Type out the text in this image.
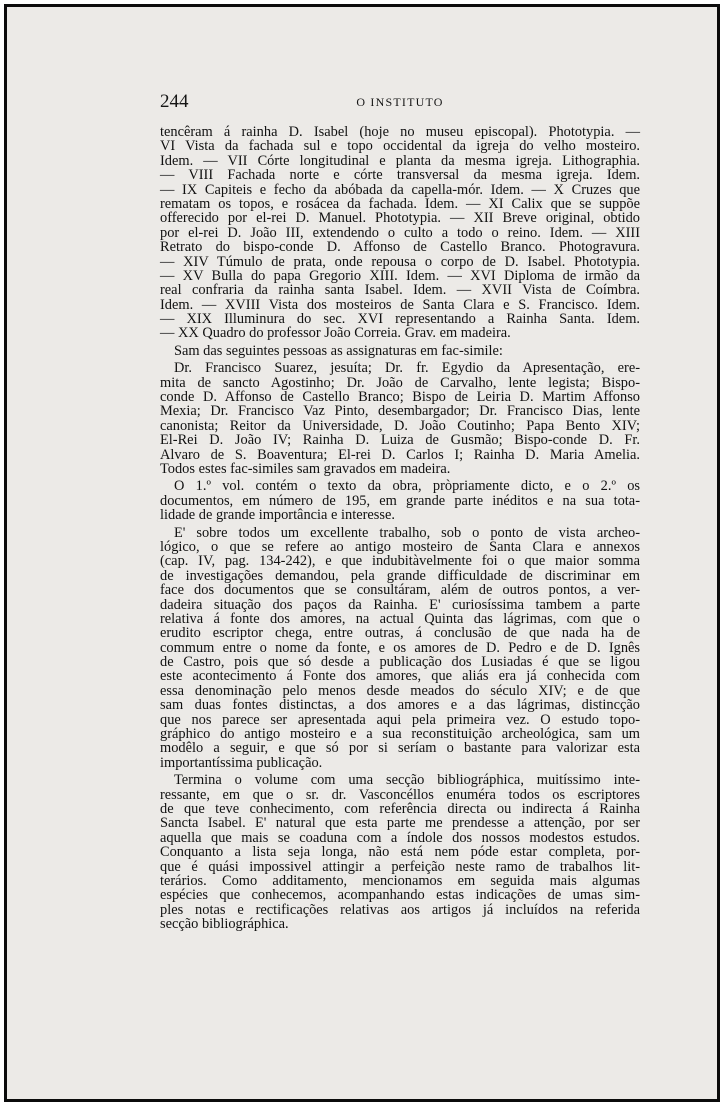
244	O INSTITUTO
tencêram á rainha D. Isabel (hoje no museu episcopal). Phototypia. —
VI Vista da fachada sul e topo occidental da igreja do velho mosteiro.
Idem. — VII Córte longitudinal e planta da mesma igreja. Lithographia.
— VIII Fachada norte e córte transversal da mesma igreja. Idem.
— IX Capiteis e fecho da abóbada da capella-mór. Idem. — X Cruzes que
rematam os topos, e rosácea da fachada. Idem. — XI Calix que se suppõe
offerecido por el-rei D. Manuel. Phototypia. — XII Breve original, obtido
por el-rei D. João III, extendendo o culto a todo o reino. Idem. — XIII
Retrato do bispo-conde D. Affonso de Castello Branco. Photogravura.
— XIV Túmulo de prata, onde repousa o corpo de D. Isabel. Phototypia.
— XV Bulla do papa Gregorio XIII. Idem. — XVI Diploma de irmão da
real confraria da rainha santa Isabel. Idem. — XVII Vista de Coímbra.
Idem. — XVIII Vista dos mosteiros de Santa Clara e S. Francisco. Idem.
— XIX Illuminura do sec. XVI representando a Rainha Santa. Idem.
— XX Quadro do professor João Correia. Grav. em madeira.
Sam das seguintes pessoas as assignaturas em fac-simile:
Dr. Francisco Suarez, jesuíta; Dr. fr. Egydio da Apresentação, ere-
mita de sancto Agostinho; Dr. João de Carvalho, lente legista; Bispo-
conde D. Affonso de Castello Branco; Bispo de Leiria D. Martim Affonso
Mexia; Dr. Francisco Vaz Pinto, desembargador; Dr. Francisco Dias, lente
canonista; Reitor da Universidade, D. João Coutinho; Papa Bento XIV;
El-Rei D. João IV; Rainha D. Luiza de Gusmão; Bispo-conde D. Fr.
Alvaro de S. Boaventura; El-rei D. Carlos I; Rainha D. Maria Amelia.
Todos estes fac-similes sam gravados em madeira.
O 1.º vol. contém o texto da obra, pròpriamente dicto, e o 2.º os
documentos, em número de 195, em grande parte inéditos e na sua tota-
lidade de grande importância e interesse.
E' sobre todos um excellente trabalho, sob o ponto de vista archeo-
lógico, o que se refere ao antigo mosteiro de Santa Clara e annexos
(cap. IV, pag. 134-242), e que indubitàvelmente foi o que maior somma
de investigações demandou, pela grande difficuldade de discriminar em
face dos documentos que se consultáram, além de outros pontos, a ver-
dadeira situação dos paços da Rainha. E' curiosíssima tambem a parte
relativa á fonte dos amores, na actual Quinta das lágrimas, com que o
erudito escriptor chega, entre outras, á conclusão de que nada ha de
commum entre o nome da fonte, e os amores de D. Pedro e de D. Ignês
de Castro, pois que só desde a publicação dos Lusiadas é que se ligou
este acontecimento á Fonte dos amores, que aliás era já conhecida com
essa denominação pelo menos desde meados do século XIV; e de que
sam duas fontes distinctas, a dos amores e a das lágrimas, distincção
que nos parece ser apresentada aqui pela primeira vez. O estudo topo-
gráphico do antigo mosteiro e a sua reconstituição archeológica, sam um
modêlo a seguir, e que só por si seríam o bastante para valorizar esta
importantíssima publicação.
Termina o volume com uma secção bibliográphica, muitíssimo inte-
ressante, em que o sr. dr. Vasconcéllos enuméra todos os escriptores
de que teve conhecimento, com referência directa ou indirecta á Rainha
Sancta Isabel. E' natural que esta parte me prendesse a attenção, por ser
aquella que mais se coaduna com a índole dos nossos modestos estudos.
Conquanto a lista seja longa, não está nem póde estar completa, por-
que é quási impossivel attingir a perfeição neste ramo de trabalhos lit-
terários. Como additamento, mencionamos em seguida mais algumas
espécies que conhecemos, acompanhando estas indicações de umas sim-
ples notas e rectificações relativas aos artigos já incluídos na referida
secção bibliográphica.
